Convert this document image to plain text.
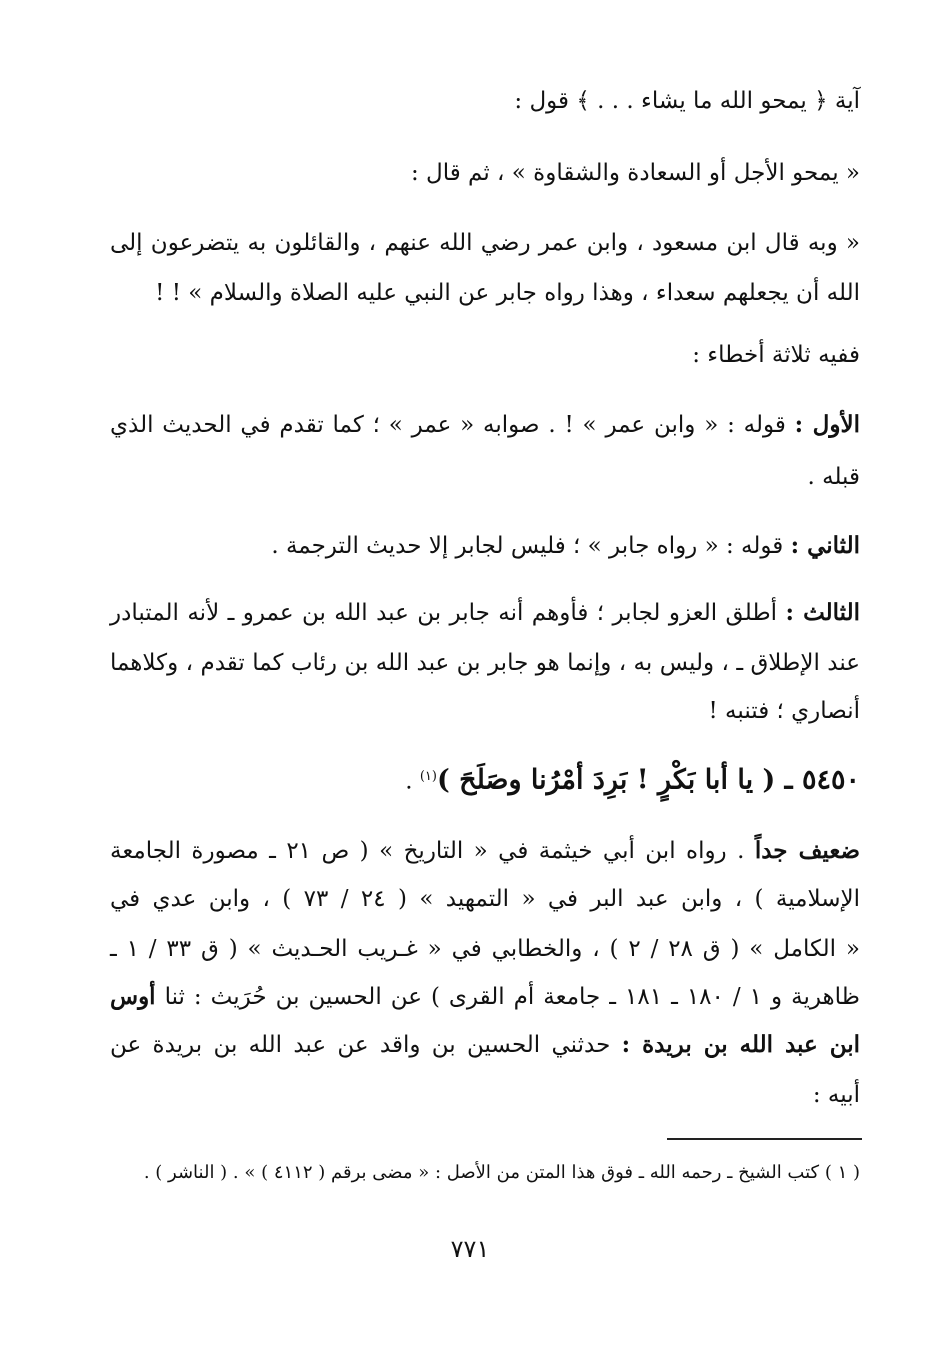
آية ﴿ يمحو الله ما يشاء . . . ﴾ قول :
« يمحو الأجل أو السعادة والشقاوة » ، ثم قال :
« وبه قال ابن مسعود ، وابن عمر رضي الله عنهم ، والقائلون به يتضرعون إلى
الله أن يجعلهم سعداء ، وهذا رواه جابر عن النبي عليه الصلاة والسلام » ! !
ففيه ثلاثة أخطاء :
الأول : قوله : « وابن عمر » ! . صوابه « عمر » ؛ كما تقدم في الحديث الذي
قبله .
الثاني : قوله : « رواه جابر » ؛ فليس لجابر إلا حديث الترجمة .
الثالث : أطلق العزو لجابر ؛ فأوهم أنه جابر بن عبد الله بن عمرو ـ لأنه المتبادر
عند الإطلاق ـ ، وليس به ، وإنما هو جابر بن عبد الله بن رئاب كما تقدم ، وكلاهما
أنصاري ؛ فتنبه !
٥٤٥٠ ـ ( يا أبا بَكْرٍ ! بَرِدَ أمْرُنا وصَلَحَ )$^{(١)}$ .
ضعيف جداً . رواه ابن أبي خيثمة في « التاريخ » ( ص ٢١ ـ مصورة الجامعة
الإسلامية ) ، وابن عبد البر في « التمهيد » ( ٢٤ / ٧٣ ) ، وابن عدي في
« الكامل » ( ق ٢٨ / ٢ ) ، والخطابي في « غـريب الحـديث » ( ق ٣٣ / ١ ـ
ظاهرية و ١ / ١٨٠ ـ ١٨١ ـ جامعة أم القرى ) عن الحسين بن حُرَيث : ثنا أوس
ابن عبد الله بن بريدة : حدثني الحسين بن واقد عن عبد الله بن بريدة عن
أبيه :
( ١ ) كتب الشيخ ـ رحمه الله ـ فوق هذا المتن من الأصل : « مضى برقم ( ٤١١٢ ) » . ( الناشر ) .
٧٧١
